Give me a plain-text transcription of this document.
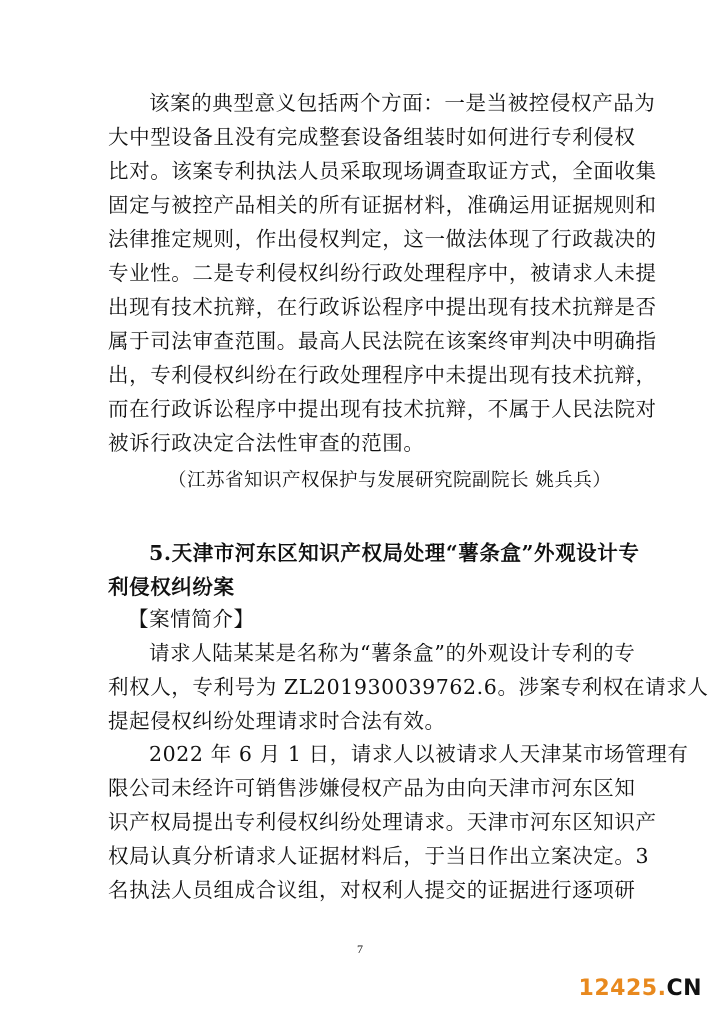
该案的典型意义包括两个方面：一是当被控侵权产品为
大中型设备且没有完成整套设备组装时如何进行专利侵权
比对。该案专利执法人员采取现场调查取证方式，全面收集
固定与被控产品相关的所有证据材料，准确运用证据规则和
法律推定规则，作出侵权判定，这一做法体现了行政裁决的
专业性。二是专利侵权纠纷行政处理程序中，被请求人未提
出现有技术抗辩，在行政诉讼程序中提出现有技术抗辩是否
属于司法审查范围。最高人民法院在该案终审判决中明确指
出，专利侵权纠纷在行政处理程序中未提出现有技术抗辩，
而在行政诉讼程序中提出现有技术抗辩，不属于人民法院对
被诉行政决定合法性审查的范围。
（江苏省知识产权保护与发展研究院副院长 姚兵兵）
5.天津市河东区知识产权局处理“薯条盒”外观设计专
利侵权纠纷案
【案情简介】
请求人陆某某是名称为“薯条盒”的外观设计专利的专
利权人，专利号为 ZL201930039762.6。涉案专利权在请求人
提起侵权纠纷处理请求时合法有效。
2022 年 6 月 1 日，请求人以被请求人天津某市场管理有
限公司未经许可销售涉嫌侵权产品为由向天津市河东区知
识产权局提出专利侵权纠纷处理请求。天津市河东区知识产
权局认真分析请求人证据材料后，于当日作出立案决定。3
名执法人员组成合议组，对权利人提交的证据进行逐项研
7
12425.CN
